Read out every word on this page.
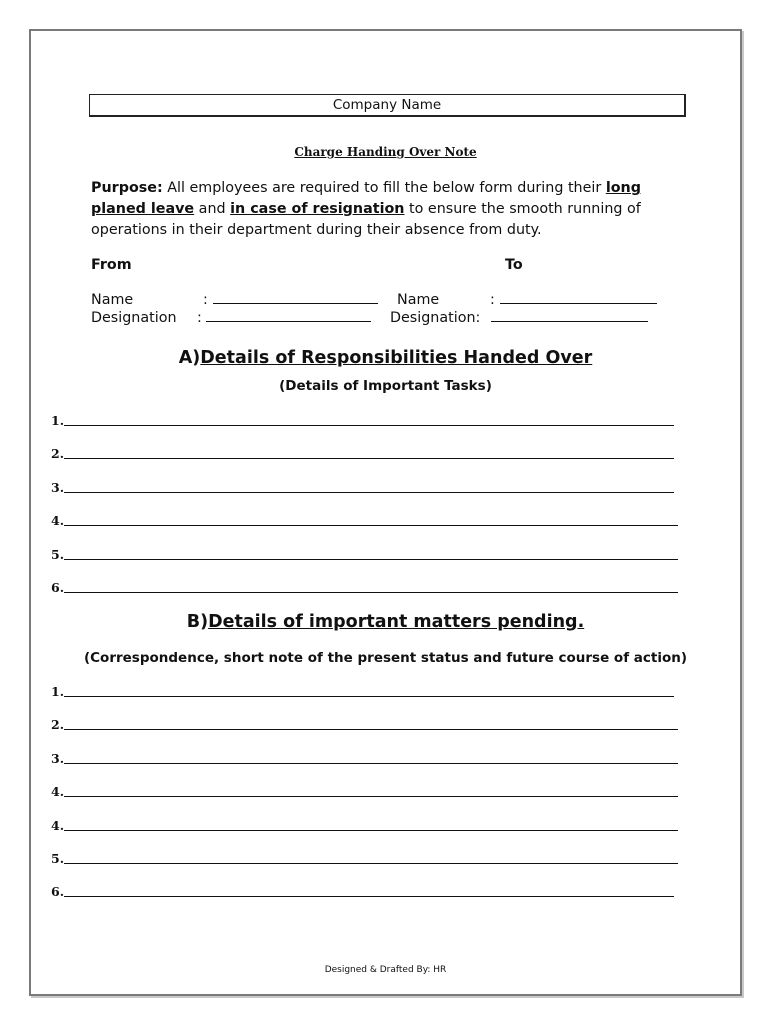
Company Name
Charge Handing Over Note
Purpose: All employees are required to fill the below form during their long planed leave and in case of resignation to ensure the smooth running of operations in their department during their absence from duty.
From	To
Name	:
Designation :
Name	:
Designation:
A)Details of Responsibilities Handed Over
(Details of Important Tasks)
1.
2.
3.
4.
5.
6.
B)Details of important matters pending.
(Correspondence, short note of the present status and future course of action)
1.
2.
3.
4.
4.
5.
6.
Designed & Drafted By: HR
